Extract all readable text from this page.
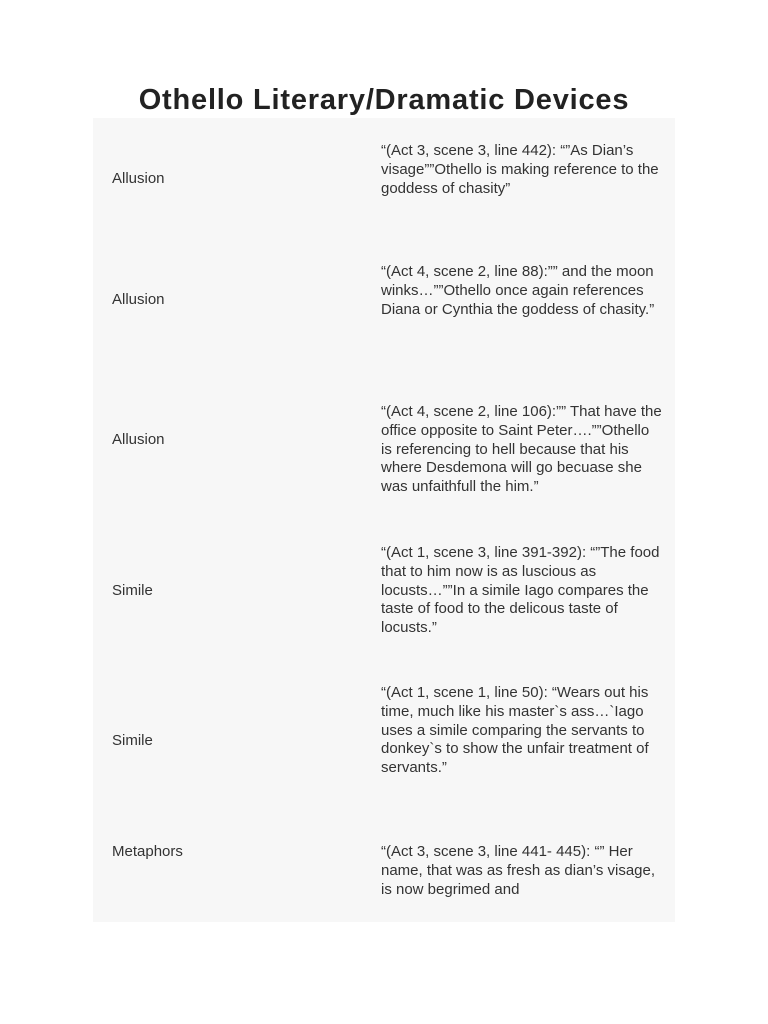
Othello Literary/Dramatic Devices
Allusion
“(Act 3, scene 3, line 442): “”As Dian’s visage””Othello is making reference to the goddess of chasity”
Allusion
“(Act 4, scene 2, line 88):”” and the moon winks…””Othello once again references Diana or Cynthia the goddess of chasity.”
Allusion
“(Act 4, scene 2, line 106):”” That have the office opposite to Saint Peter….””Othello is referencing to hell because that his where Desdemona will go becuase she was unfaithfull the him.”
Simile
“(Act 1, scene 3, line 391-392): “”The food that to him now is as luscious as locusts…””In a simile Iago compares the taste of food to the delicous taste of locusts.”
Simile
“(Act 1, scene 1, line 50): “Wears out his time, much like his master`s ass…`Iago uses a simile comparing the servants to donkey`s to show the unfair treatment of servants.”
Metaphors	“(Act 3, scene 3, line 441- 445): “” Her name, that was as fresh as dian’s visage, is now begrimed and
